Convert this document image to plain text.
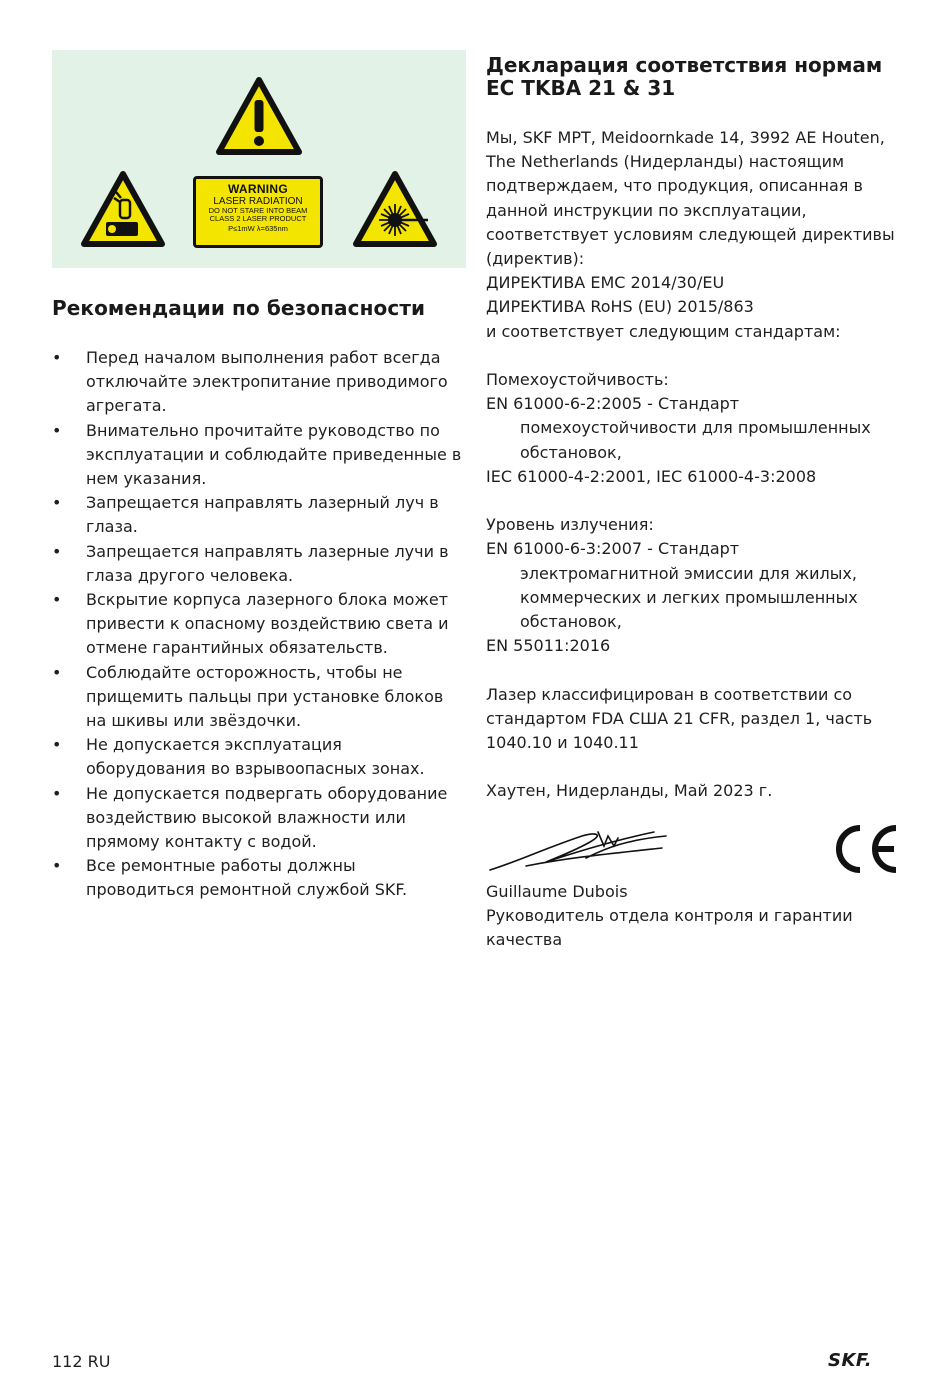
WARNING
LASER RADIATION
DO NOT STARE INTO BEAM
CLASS 2 LASER PRODUCT
P≤1mW λ=635nm
Рекомендации по безопасности
• Перед началом выполнения работ всегда отключайте электропитание приводимого агрегата.
• Внимательно прочитайте руководство по эксплуатации и соблюдайте приведенные в нем указания.
• Запрещается направлять лазерный луч в глаза.
• Запрещается направлять лазерные лучи в глаза другого человека.
• Вскрытие корпуса лазерного блока может привести к опасному воздействию света и отмене гарантийных обязательств.
• Соблюдайте осторожность, чтобы не прищемить пальцы при установке блоков на шкивы или звёздочки.
• Не допускается эксплуатация оборудования во взрывоопасных зонах.
• Не допускается подвергать оборудование воздействию высокой влажности или прямому контакту с водой.
• Все ремонтные работы должны проводиться ремонтной службой SKF.
Декларация соответствия нормам ЕС TKBA 21 & 31

Мы, SKF MPT, Meidoornkade 14, 3992 AE Houten, The Netherlands (Нидерланды) настоящим подтверждаем, что продукция, описанная в данной инструкции по эксплуатации, соответствует условиям следующей директивы (директив):

ДИРЕКТИВА EMC 2014/30/EU

ДИРЕКТИВА RoHS (EU) 2015/863

и соответствует следующим стандартам:

Помехоустойчивость:

EN 61000-6-2:2005 - Стандарт

помехоустойчивости для промышленных обстановок,

IEC 61000-4-2:2001, IEC 61000-4-3:2008

Уровень излучения:

EN 61000-6-3:2007 - Стандарт

электромагнитной эмиссии для жилых, коммерческих и легких промышленных обстановок,

EN 55011:2016

Лазер классифицирован в соответствии со стандартом FDA США 21 CFR, раздел 1, часть 1040.10 и 1040.11

Хаутен, Нидерланды, Май 2023 г.

Guillaume Dubois

Руководитель отдела контроля и гарантии качества

112 RU	SKF.
